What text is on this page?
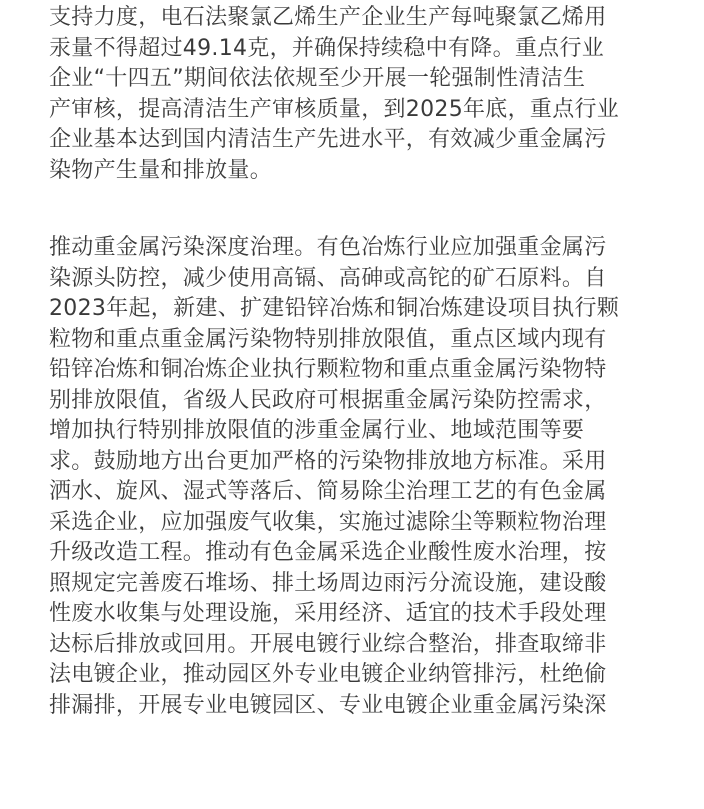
支持力度，电石法聚氯乙烯生产企业生产每吨聚氯乙烯用
汞量不得超过49.14克，并确保持续稳中有降。重点行业
企业“十四五”期间依法依规至少开展一轮强制性清洁生
产审核，提高清洁生产审核质量，到2025年底，重点行业
企业基本达到国内清洁生产先进水平，有效减少重金属污
染物产生量和排放量。

推动重金属污染深度治理。有色冶炼行业应加强重金属污
染源头防控，减少使用高镉、高砷或高铊的矿石原料。自
2023年起，新建、扩建铅锌冶炼和铜冶炼建设项目执行颗
粒物和重点重金属污染物特别排放限值，重点区域内现有
铅锌冶炼和铜冶炼企业执行颗粒物和重点重金属污染物特
别排放限值，省级人民政府可根据重金属污染防控需求，
增加执行特别排放限值的涉重金属行业、地域范围等要
求。鼓励地方出台更加严格的污染物排放地方标准。采用
洒水、旋风、湿式等落后、简易除尘治理工艺的有色金属
采选企业，应加强废气收集，实施过滤除尘等颗粒物治理
升级改造工程。推动有色金属采选企业酸性废水治理，按
照规定完善废石堆场、排土场周边雨污分流设施，建设酸
性废水收集与处理设施，采用经济、适宜的技术手段处理
达标后排放或回用。开展电镀行业综合整治，排查取缔非
法电镀企业，推动园区外专业电镀企业纳管排污，杜绝偷
排漏排，开展专业电镀园区、专业电镀企业重金属污染深
